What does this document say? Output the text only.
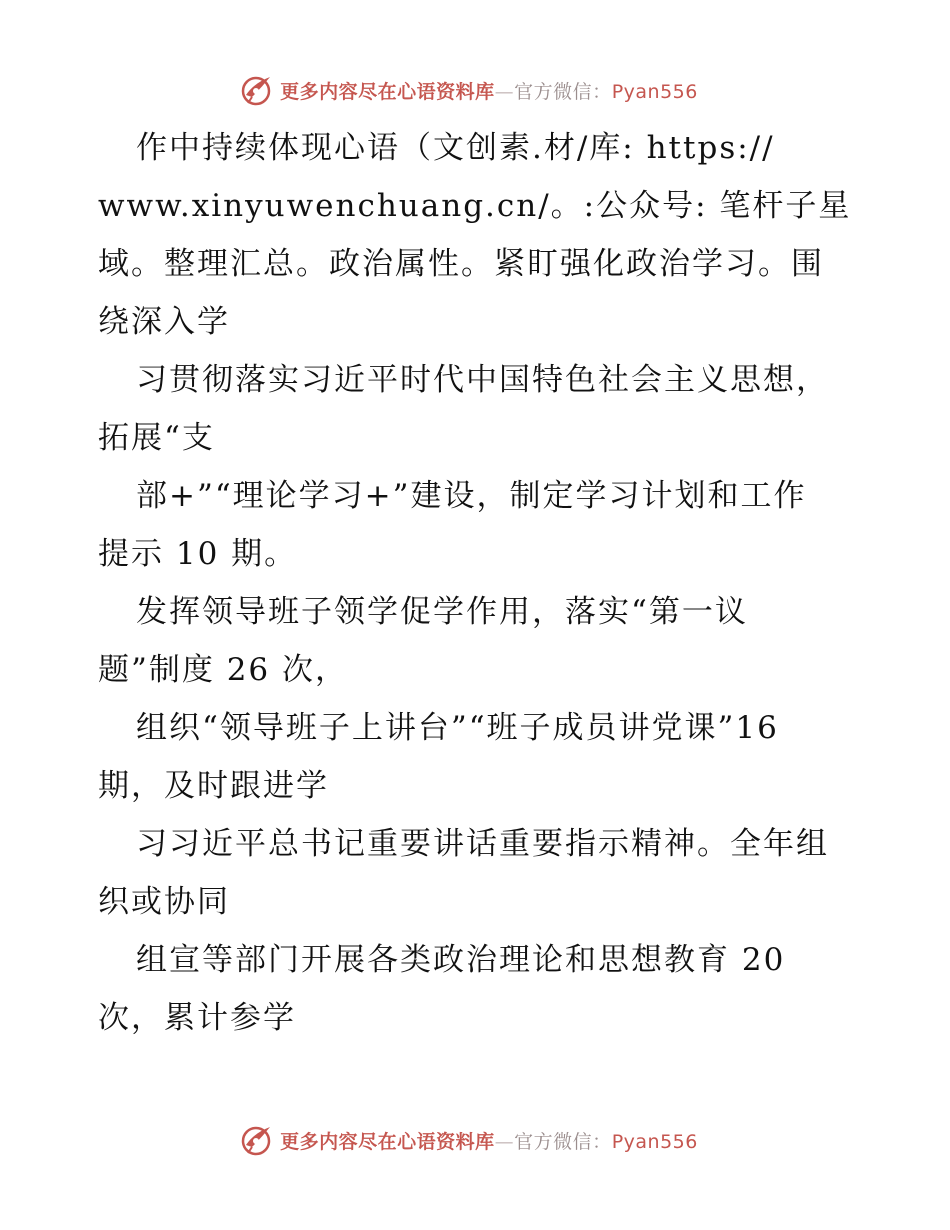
更多内容尽在心语资料库—官方微信：Pyan556
作中持续体现心语（文创素.材/库: https://
www.xinyuwenchuang.cn/。:公众号: 笔杆子星
域。整理汇总。政治属性。紧盯强化政治学习。围
绕深入学
习贯彻落实习近平时代中国特色社会主义思想，
拓展“支
部+”“理论学习+”建设，制定学习计划和工作
提示 10 期。
发挥领导班子领学促学作用，落实“第一议
题”制度 26 次，
组织“领导班子上讲台”“班子成员讲党课”16
期，及时跟进学
习习近平总书记重要讲话重要指示精神。全年组
织或协同
组宣等部门开展各类政治理论和思想教育 20
次，累计参学
更多内容尽在心语资料库—官方微信：Pyan556
